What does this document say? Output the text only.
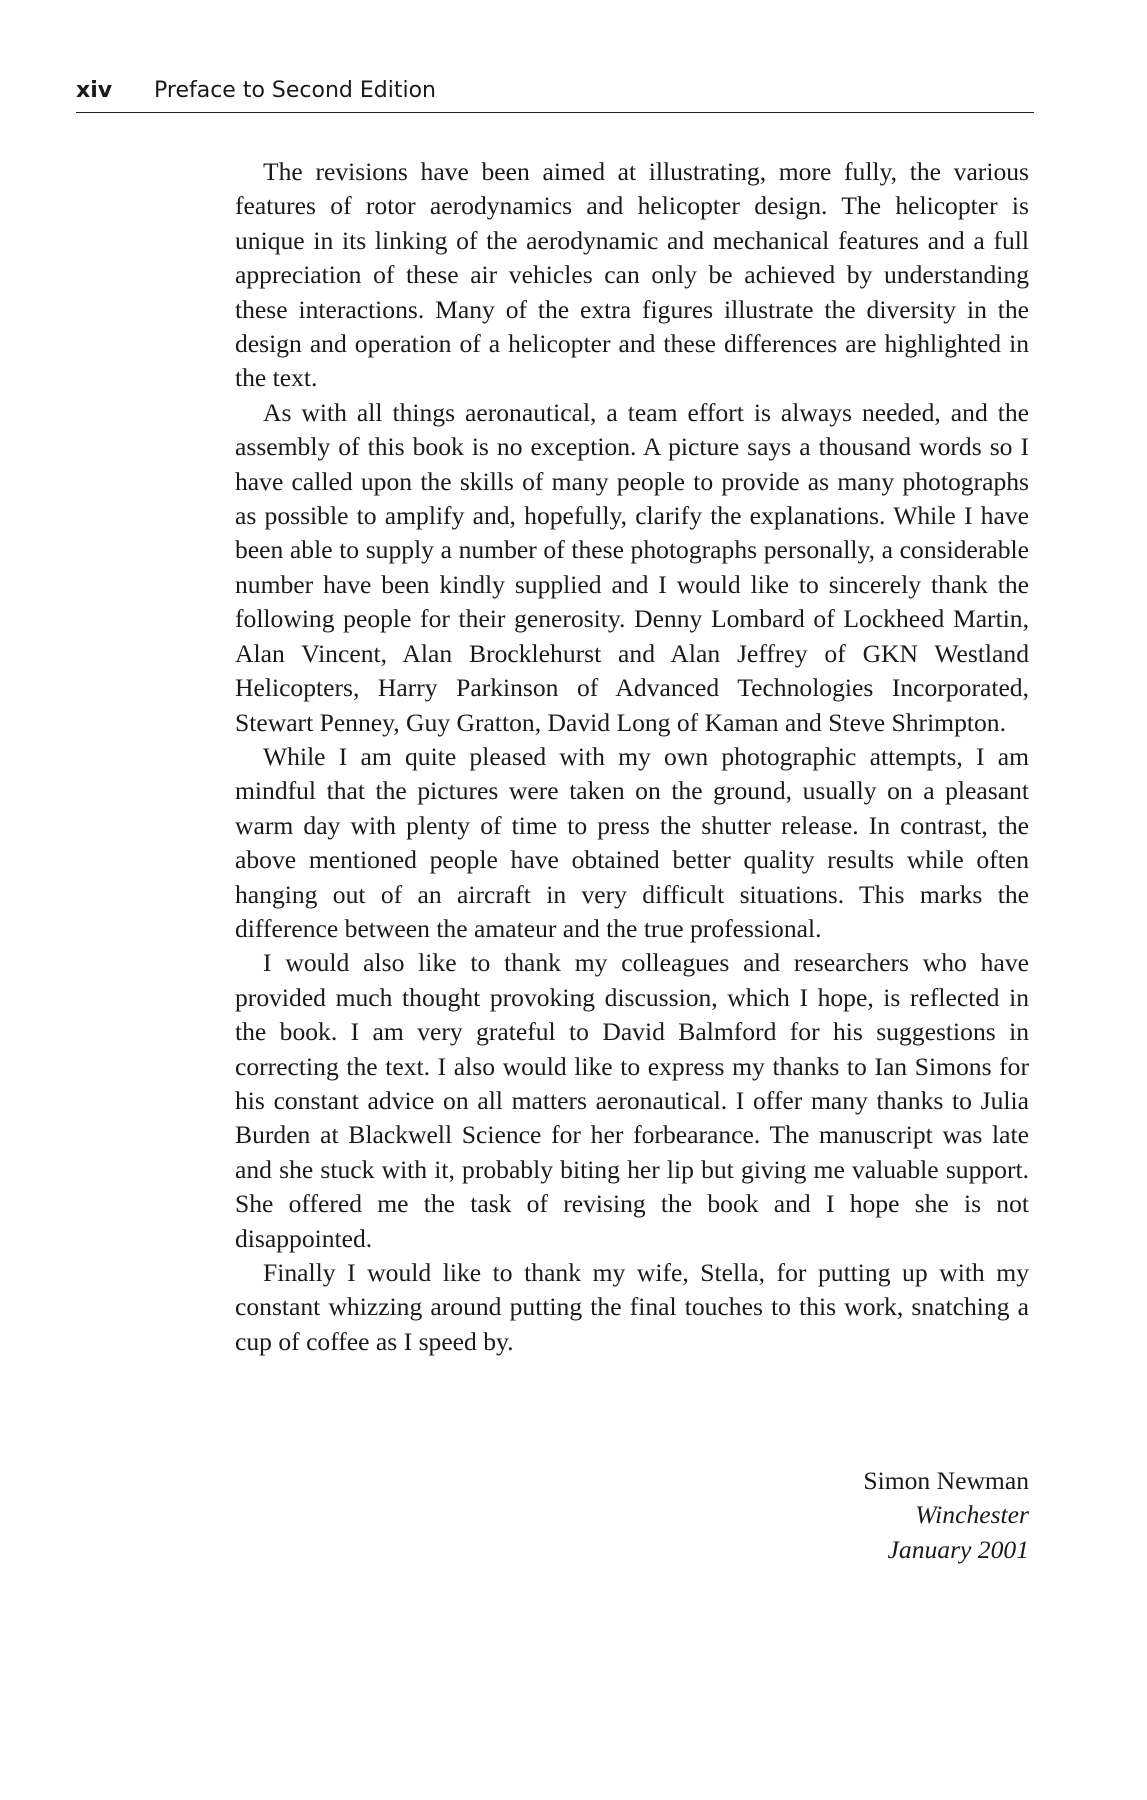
xiv Preface to Second Edition

The revisions have been aimed at illustrating, more fully, the various features of rotor aerodynamics and helicopter design. The helicopter is unique in its linking of the aerodynamic and mechanical features and a full appreciation of these air vehicles can only be achieved by understanding these interactions. Many of the extra figures illustrate the diversity in the design and operation of a helicopter and these differences are highlighted in the text.

As with all things aeronautical, a team effort is always needed, and the assembly of this book is no exception. A picture says a thousand words so I have called upon the skills of many people to provide as many photographs as possible to amplify and, hopefully, clarify the explanations. While I have been able to supply a number of these photographs personally, a considerable number have been kindly supplied and I would like to sincerely thank the following people for their generosity. Denny Lombard of Lockheed Martin, Alan Vincent, Alan Brocklehurst and Alan Jeffrey of GKN Westland Helicopters, Harry Parkinson of Advanced Technologies Incorporated, Stewart Penney, Guy Gratton, David Long of Kaman and Steve Shrimpton.

While I am quite pleased with my own photographic attempts, I am mindful that the pictures were taken on the ground, usually on a pleasant warm day with plenty of time to press the shutter release. In contrast, the above mentioned people have obtained better quality results while often hanging out of an aircraft in very difficult situations. This marks the difference between the amateur and the true professional.

I would also like to thank my colleagues and researchers who have provided much thought provoking discussion, which I hope, is reflected in the book. I am very grateful to David Balmford for his suggestions in correcting the text. I also would like to express my thanks to Ian Simons for his constant advice on all matters aeronautical. I offer many thanks to Julia Burden at Blackwell Science for her forbearance. The manuscript was late and she stuck with it, probably biting her lip but giving me valuable support. She offered me the task of revising the book and I hope she is not disappointed.

Finally I would like to thank my wife, Stella, for putting up with my constant whizzing around putting the final touches to this work, snatching a cup of coffee as I speed by.

Simon Newman
Winchester
January 2001
